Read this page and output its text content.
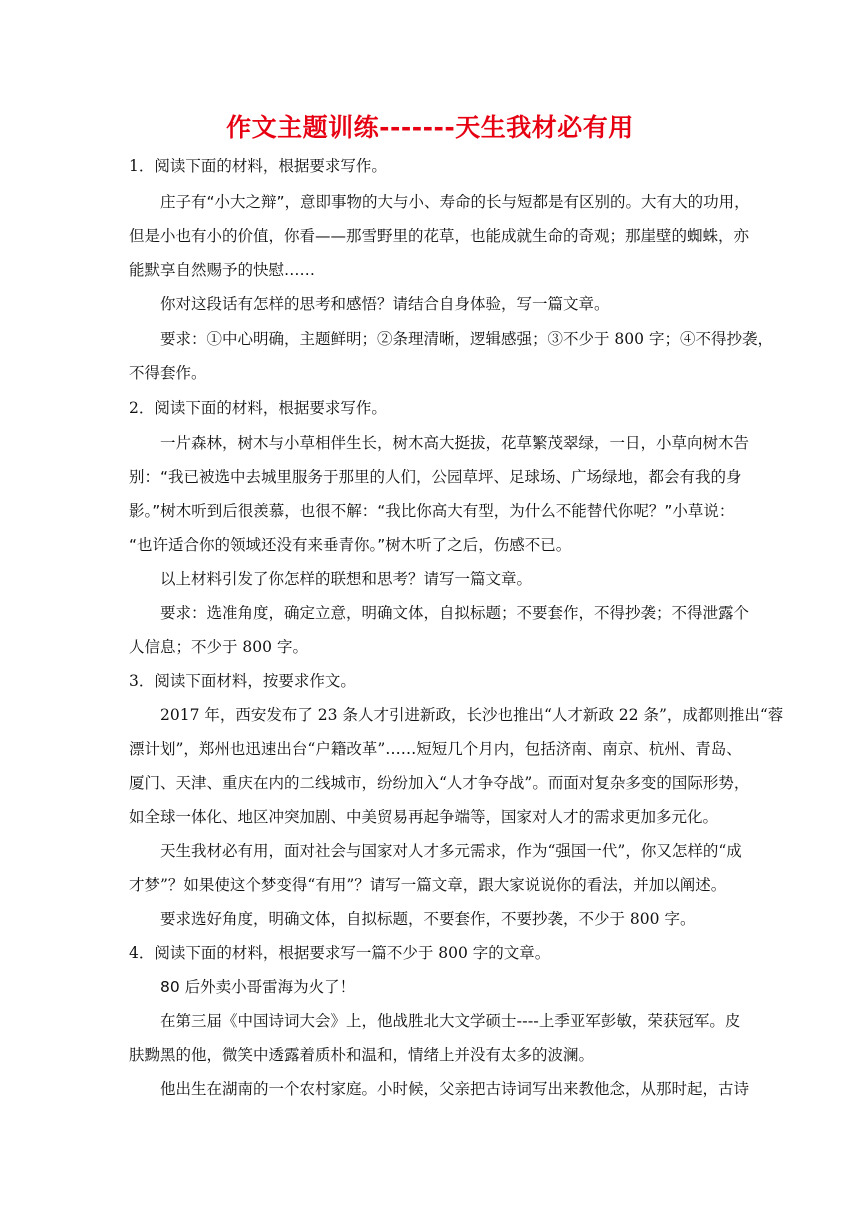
作文主题训练-------天生我材必有用
1．阅读下面的材料，根据要求写作。
庄子有“小大之辩”，意即事物的大与小、寿命的长与短都是有区别的。大有大的功用，
但是小也有小的价值，你看——那雪野里的花草，也能成就生命的奇观；那崖壁的蜘蛛，亦
能默享自然赐予的快慰……
你对这段话有怎样的思考和感悟？请结合自身体验，写一篇文章。
要求：①中心明确，主题鲜明；②条理清晰，逻辑感强；③不少于 800 字；④不得抄袭，
不得套作。
2．阅读下面的材料，根据要求写作。
一片森林，树木与小草相伴生长，树木高大挺拔，花草繁茂翠绿，一日，小草向树木告
别：“我已被选中去城里服务于那里的人们，公园草坪、足球场、广场绿地，都会有我的身
影。”树木听到后很羡慕，也很不解：“我比你高大有型，为什么不能替代你呢？”小草说：
“也许适合你的领域还没有来垂青你。”树木听了之后，伤感不已。
以上材料引发了你怎样的联想和思考？请写一篇文章。
要求：选准角度，确定立意，明确文体，自拟标题；不要套作，不得抄袭；不得泄露个
人信息；不少于 800 字。
3．阅读下面材料，按要求作文。
2017 年，西安发布了 23 条人才引进新政，长沙也推出“人才新政 22 条”，成都则推出“蓉
漂计划”，郑州也迅速出台“户籍改革”……短短几个月内，包括济南、南京、杭州、青岛、
厦门、天津、重庆在内的二线城市，纷纷加入“人才争夺战”。而面对复杂多变的国际形势，
如全球一体化、地区冲突加剧、中美贸易再起争端等，国家对人才的需求更加多元化。
天生我材必有用，面对社会与国家对人才多元需求，作为“强国一代”，你又怎样的“成
才梦”？如果使这个梦变得“有用”？请写一篇文章，跟大家说说你的看法，并加以阐述。
要求选好角度，明确文体，自拟标题，不要套作，不要抄袭，不少于 800 字。
4．阅读下面的材料，根据要求写一篇不少于 800 字的文章。
80 后外卖小哥雷海为火了！
在第三届《中国诗词大会》上，他战胜北大文学硕士----上季亚军彭敏，荣获冠军。皮
肤黝黑的他，微笑中透露着质朴和温和，情绪上并没有太多的波澜。
他出生在湖南的一个农村家庭。小时候，父亲把古诗词写出来教他念，从那时起，古诗
